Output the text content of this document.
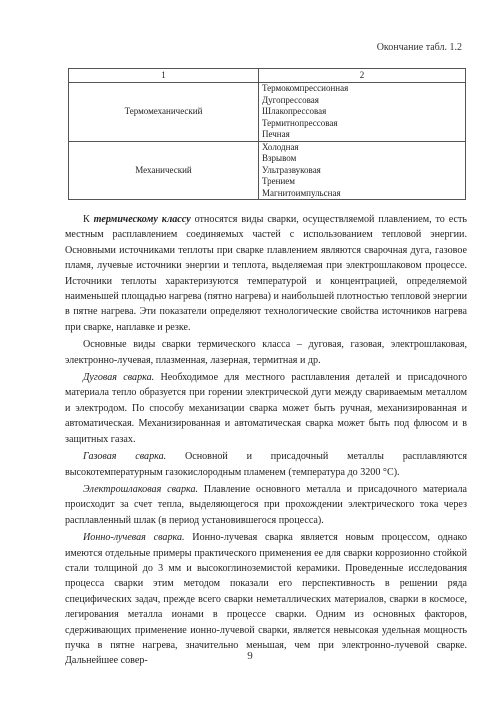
Окончание табл. 1.2
1	2
Термомеханический	Термокомпрессионная
Дугопрессовая
Шлакопрессовая
Термитнопрессовая
Печная

Механический	Холодная
Взрывом
Ультразвуковая
Трением
Магнитоимпульсная

К термическому классу относятся виды сварки, осуществляемой плавлением, то есть местным расплавлением соединяемых частей с использованием тепловой энергии. Основными источниками теплоты при сварке плавлением являются сварочная дуга, газовое пламя, лучевые источники энергии и теплота, выделяемая при электрошлаковом процессе. Источники теплоты характеризуются температурой и концентрацией, определяемой наименьшей площадью нагрева (пятно нагрева) и наибольшей плотностью тепловой энергии в пятне нагрева. Эти показатели определяют технологические свойства источников нагрева при сварке, наплавке и резке.

Основные виды сварки термического класса – дуговая, газовая, электрошлаковая, электронно-лучевая, плазменная, лазерная, термитная и др.

Дуговая сварка. Необходимое для местного расплавления деталей и присадочного материала тепло образуется при горении электрической дуги между свариваемым металлом и электродом. По способу механизации сварка может быть ручная, механизированная и автоматическая. Механизированная и автоматическая сварка может быть под флюсом и в защитных газах.

Газовая сварка. Основной и присадочный металлы расплавляются высокотемпературным газокислородным пламенем (температура до 3200 °С).

Электрошлаковая сварка. Плавление основного металла и присадочного материала происходит за счет тепла, выделяющегося при прохождении электрического тока через расплавленный шлак (в период установившегося процесса).

Ионно-лучевая сварка. Ионно-лучевая сварка является новым процессом, однако имеются отдельные примеры практического применения ее для сварки коррозионно стойкой стали толщиной до 3 мм и высокоглиноземистой керамики. Проведенные исследования процесса сварки этим методом показали его перспективность в решении ряда специфических задач, прежде всего сварки неметаллических материалов, сварки в космосе, легирования металла ионами в процессе сварки. Одним из основных факторов, сдерживающих применение ионно-лучевой сварки, является невысокая удельная мощность пучка в пятне нагрева, значительно меньшая, чем при электронно-лучевой сварке. Дальнейшее совер-	9
